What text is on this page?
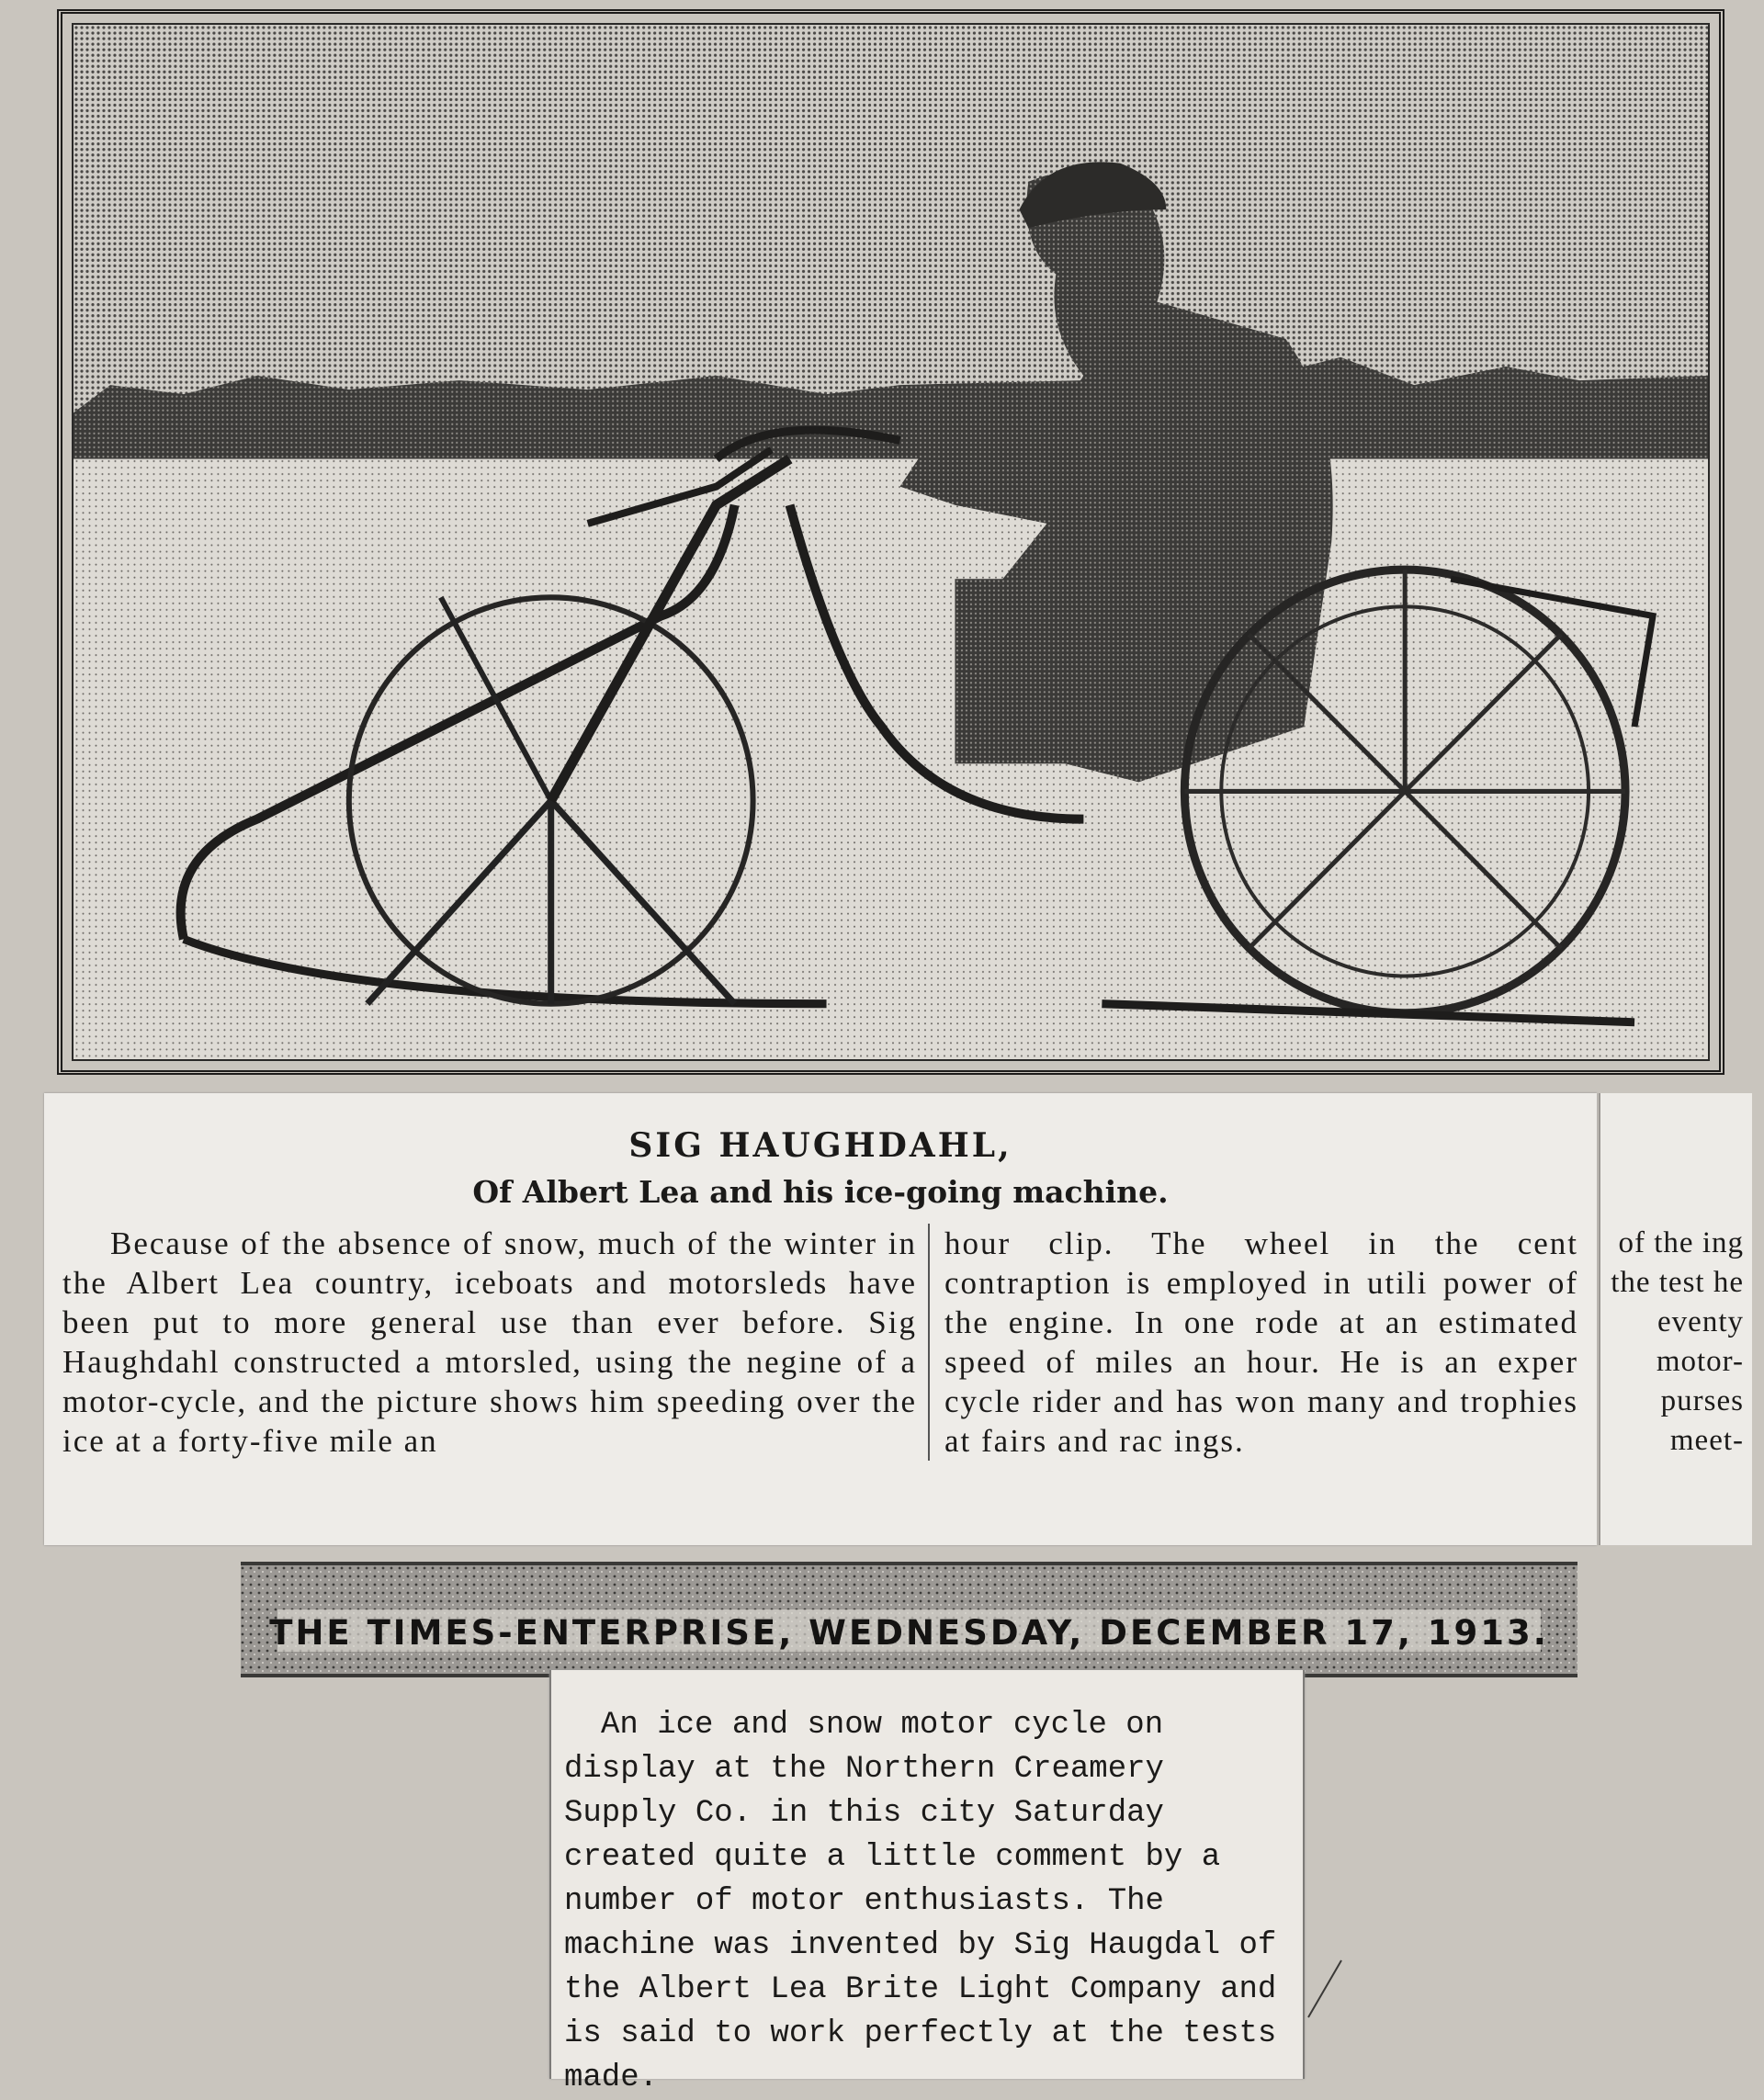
SIG HAUGHDAHL,
Of Albert Lea and his ice-going machine.

Because of the absence of snow, much of the winter in the Albert Lea country, iceboats and motorsleds have been put to more general use than ever before. Sig Haughdahl constructed a mtorsled, using the negine of a motor-cycle, and the picture shows him speeding over the ice at a forty-five mile an

hour clip. The wheel in the cent contraption is employed in utili power of the engine. In one rode at an estimated speed of miles an hour. He is an exper cycle rider and has won many and trophies at fairs and rac ings.

of the ing the test he eventy motor-purses meet-

THE TIMES-ENTERPRISE, WEDNESDAY, DECEMBER 17, 1913.

An ice and snow motor cycle on display at the Northern Creamery Supply Co. in this city Saturday created quite a little comment by a number of motor enthusiasts. The machine was invented by Sig Haugdal of the Albert Lea Brite Light Company and is said to work perfectly at the tests made.
